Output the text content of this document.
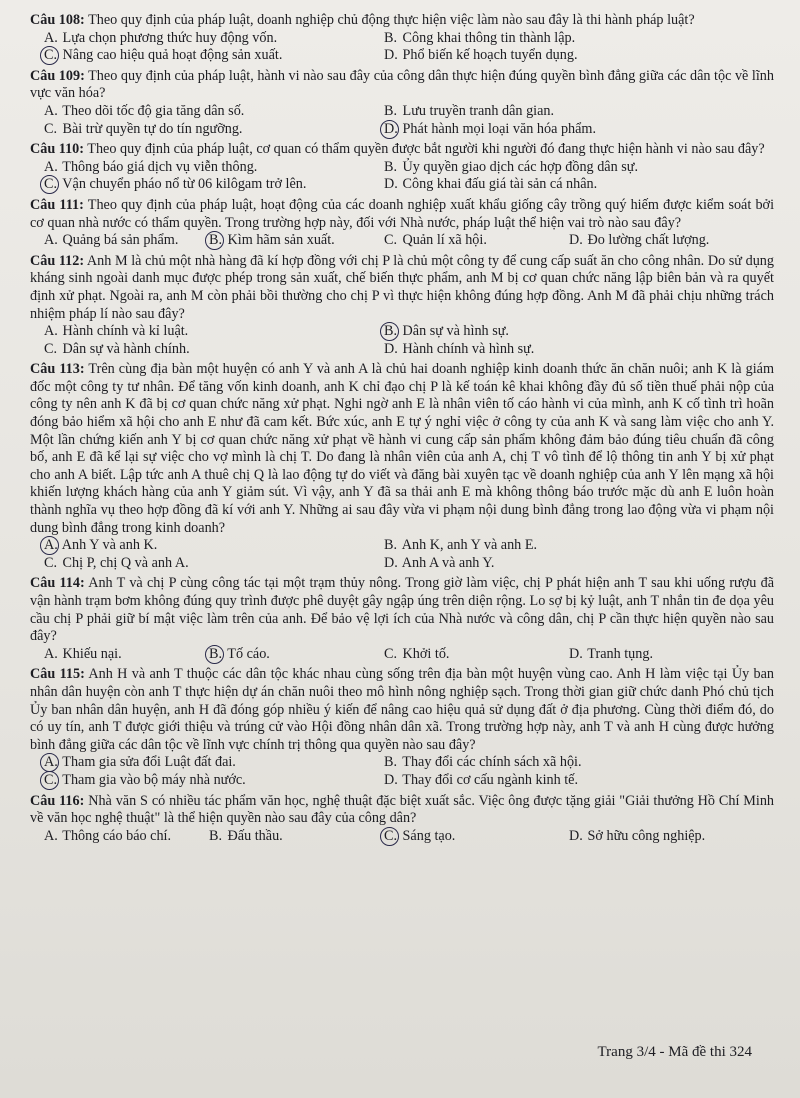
Câu 108: Theo quy định của pháp luật, doanh nghiệp chủ động thực hiện việc làm nào sau đây là thi hành pháp luật?

A. Lựa chọn phương thức huy động vốn.	B. Công khai thông tin thành lập.
C. Nâng cao hiệu quả hoạt động sản xuất.	D. Phổ biến kế hoạch tuyển dụng.

Câu 109: Theo quy định của pháp luật, hành vi nào sau đây của công dân thực hiện đúng quyền bình đẳng giữa các dân tộc về lĩnh vực văn hóa?

A. Theo dõi tốc độ gia tăng dân số.	B. Lưu truyền tranh dân gian.
C. Bài trừ quyền tự do tín ngưỡng.	D. Phát hành mọi loại văn hóa phẩm.

Câu 110: Theo quy định của pháp luật, cơ quan có thẩm quyền được bắt người khi người đó đang thực hiện hành vi nào sau đây?

A. Thông báo giá dịch vụ viễn thông.	B. Ủy quyền giao dịch các hợp đồng dân sự.
C. Vận chuyển pháo nổ từ 06 kilôgam trở lên.	D. Công khai đấu giá tài sản cá nhân.

Câu 111: Theo quy định của pháp luật, hoạt động của các doanh nghiệp xuất khẩu giống cây trồng quý hiếm được kiểm soát bởi cơ quan nhà nước có thẩm quyền. Trong trường hợp này, đối với Nhà nước, pháp luật thể hiện vai trò nào sau đây?

A. Quảng bá sản phẩm.	B. Kìm hãm sản xuất.	C. Quản lí xã hội.	D. Đo lường chất lượng.

Câu 112: Anh M là chủ một nhà hàng đã kí hợp đồng với chị P là chủ một công ty để cung cấp suất ăn cho công nhân. Do sử dụng kháng sinh ngoài danh mục được phép trong sản xuất, chế biến thực phẩm, anh M bị cơ quan chức năng lập biên bản và ra quyết định xử phạt. Ngoài ra, anh M còn phải bồi thường cho chị P vì thực hiện không đúng hợp đồng. Anh M đã phải chịu những trách nhiệm pháp lí nào sau đây?

A. Hành chính và kỉ luật.	B. Dân sự và hình sự.
C. Dân sự và hành chính.	D. Hành chính và hình sự.

Câu 113: Trên cùng địa bàn một huyện có anh Y và anh A là chủ hai doanh nghiệp kinh doanh thức ăn chăn nuôi; anh K là giám đốc một công ty tư nhân. Để tăng vốn kinh doanh, anh K chỉ đạo chị P là kế toán kê khai không đầy đủ số tiền thuế phải nộp của công ty nên anh K đã bị cơ quan chức năng xử phạt. Nghi ngờ anh E là nhân viên tố cáo hành vi của mình, anh K cố tình trì hoãn đóng bảo hiểm xã hội cho anh E như đã cam kết. Bức xúc, anh E tự ý nghỉ việc ở công ty của anh K và sang làm việc cho anh Y. Một lần chứng kiến anh Y bị cơ quan chức năng xử phạt về hành vi cung cấp sản phẩm không đảm bảo đúng tiêu chuẩn đã công bố, anh E đã kể lại sự việc cho vợ mình là chị T. Do đang là nhân viên của anh A, chị T vô tình để lộ thông tin anh Y bị xử phạt cho anh A biết. Lập tức anh A thuê chị Q là lao động tự do viết và đăng bài xuyên tạc về doanh nghiệp của anh Y lên mạng xã hội khiến lượng khách hàng của anh Y giảm sút. Vì vậy, anh Y đã sa thải anh E mà không thông báo trước mặc dù anh E luôn hoàn thành nghĩa vụ theo hợp đồng đã kí với anh Y. Những ai sau đây vừa vi phạm nội dung bình đẳng trong lao động vừa vi phạm nội dung bình đẳng trong kinh doanh?

A. Anh Y và anh K.	B. Anh K, anh Y và anh E.
C. Chị P, chị Q và anh A.	D. Anh A và anh Y.

Câu 114: Anh T và chị P cùng công tác tại một trạm thủy nông. Trong giờ làm việc, chị P phát hiện anh T sau khi uống rượu đã vận hành trạm bơm không đúng quy trình được phê duyệt gây ngập úng trên diện rộng. Lo sợ bị kỷ luật, anh T nhắn tin đe dọa yêu cầu chị P phải giữ bí mật việc làm trên của anh. Để bảo vệ lợi ích của Nhà nước và công dân, chị P cần thực hiện quyền nào sau đây?

A. Khiếu nại.	B. Tố cáo.	C. Khởi tố.	D. Tranh tụng.

Câu 115: Anh H và anh T thuộc các dân tộc khác nhau cùng sống trên địa bàn một huyện vùng cao. Anh H làm việc tại Ủy ban nhân dân huyện còn anh T thực hiện dự án chăn nuôi theo mô hình nông nghiệp sạch. Trong thời gian giữ chức danh Phó chủ tịch Ủy ban nhân dân huyện, anh H đã đóng góp nhiều ý kiến để nâng cao hiệu quả sử dụng đất ở địa phương. Cùng thời điểm đó, do có uy tín, anh T được giới thiệu và trúng cử vào Hội đồng nhân dân xã. Trong trường hợp này, anh T và anh H cùng được hưởng bình đẳng giữa các dân tộc về lĩnh vực chính trị thông qua quyền nào sau đây?

A. Tham gia sửa đổi Luật đất đai.	B. Thay đổi các chính sách xã hội.
C. Tham gia vào bộ máy nhà nước.	D. Thay đổi cơ cấu ngành kinh tế.

Câu 116: Nhà văn S có nhiều tác phẩm văn học, nghệ thuật đặc biệt xuất sắc. Việc ông được tặng giải "Giải thưởng Hồ Chí Minh về văn học nghệ thuật" là thể hiện quyền nào sau đây của công dân?

A. Thông cáo báo chí.	B. Đấu thầu.	C. Sáng tạo.	D. Sở hữu công nghiệp.
Trang 3/4 - Mã đề thi 324
